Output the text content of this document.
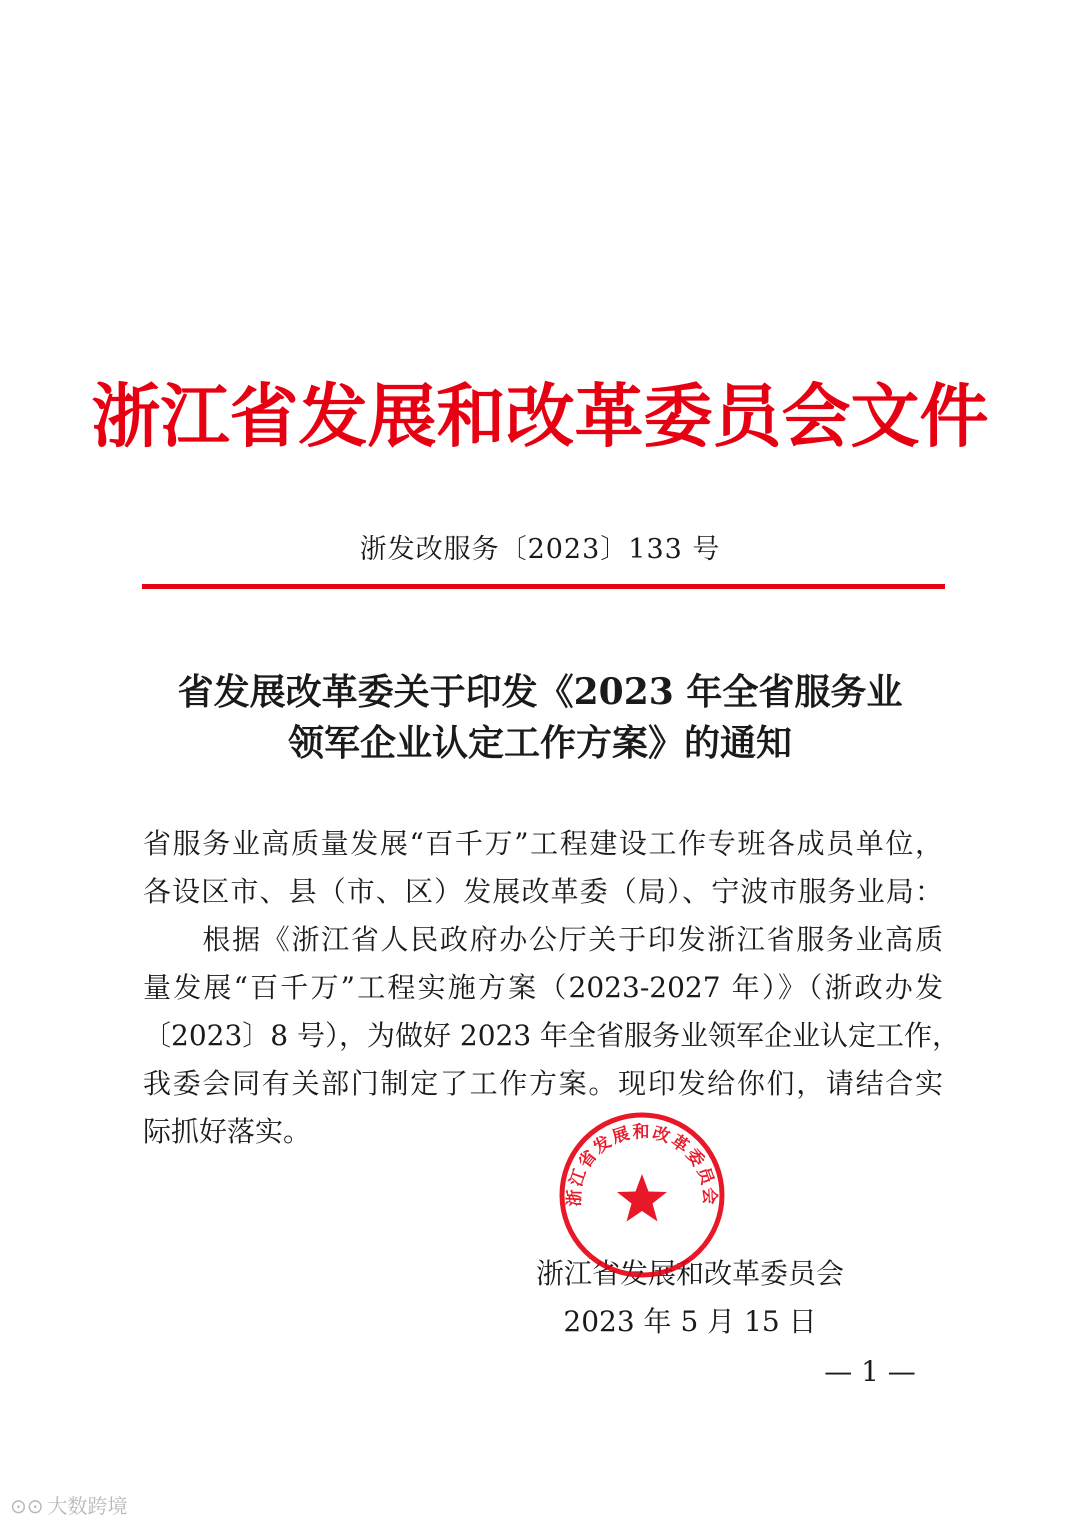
浙江省发展和改革委员会文件
浙发改服务〔2023〕133 号
省发展改革委关于印发《2023 年全省服务业
领军企业认定工作方案》的通知
省服务业高质量发展“百千万”工程建设工作专班各成员单位，
各设区市、县（市、区）发展改革委（局）、宁波市服务业局：
　　根据《浙江省人民政府办公厅关于印发浙江省服务业高质
量发展“百千万”工程实施方案（2023-2027 年）》（浙政办发
〔2023〕8 号），为做好 2023 年全省服务业领军企业认定工作，
我委会同有关部门制定了工作方案。现印发给你们，请结合实
际抓好落实。
浙江省发展和改革委员会
2023 年 5 月 15 日
浙江省发展和改革委员会
— 1 —
⊙⊙ 大数跨境
